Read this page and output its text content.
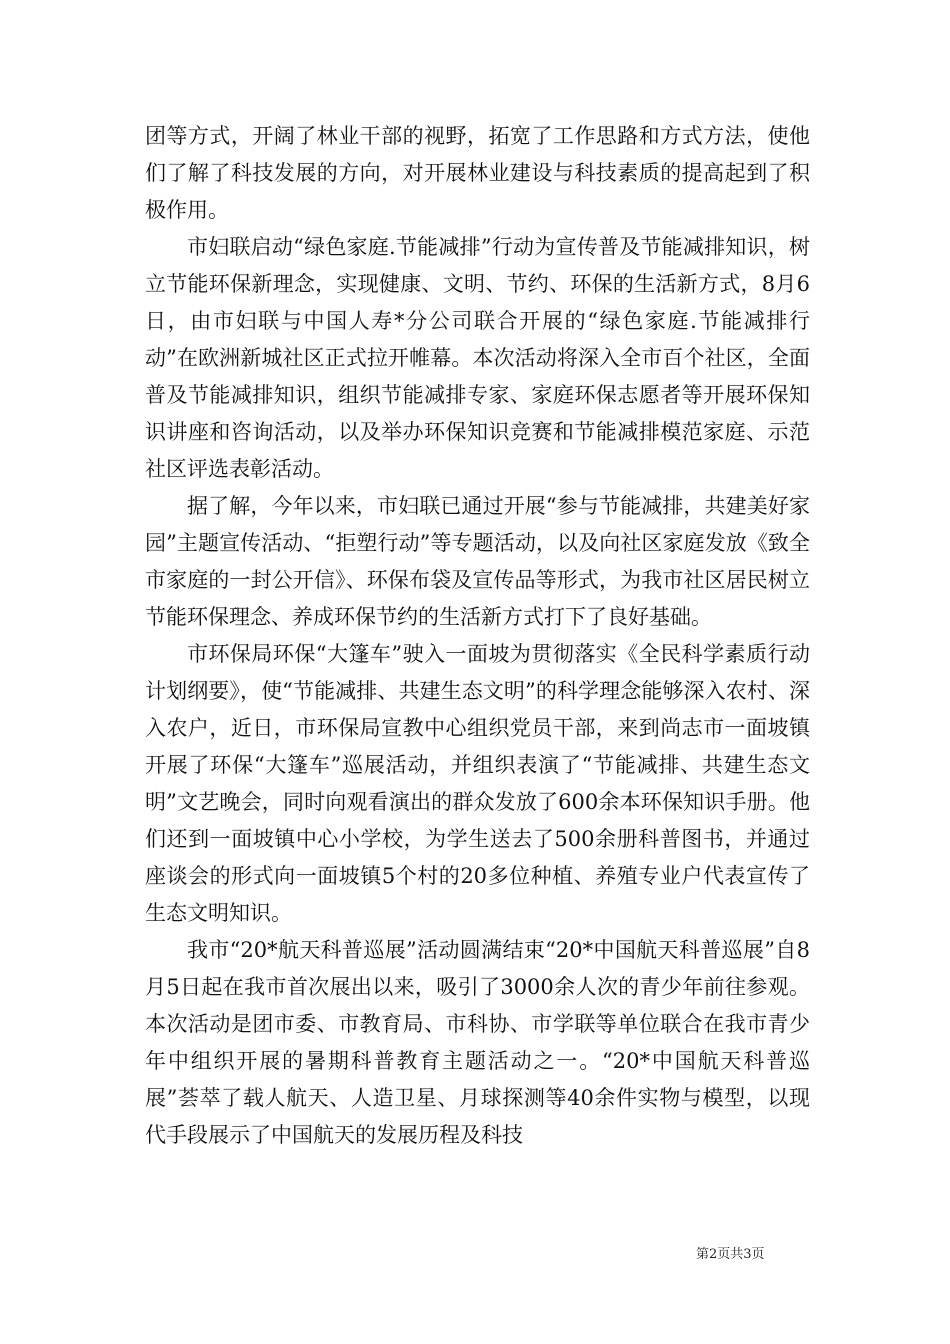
团等方式，开阔了林业干部的视野，拓宽了工作思路和方式方法，使他们了解了科技发展的方向，对开展林业建设与科技素质的提高起到了积极作用。

市妇联启动“绿色家庭.节能减排”行动为宣传普及节能减排知识，树立节能环保新理念，实现健康、文明、节约、环保的生活新方式，8月6日，由市妇联与中国人寿*分公司联合开展的“绿色家庭.节能减排行动”在欧洲新城社区正式拉开帷幕。本次活动将深入全市百个社区，全面普及节能减排知识，组织节能减排专家、家庭环保志愿者等开展环保知识讲座和咨询活动，以及举办环保知识竞赛和节能减排模范家庭、示范社区评选表彰活动。

据了解，今年以来，市妇联已通过开展“参与节能减排，共建美好家园”主题宣传活动、“拒塑行动”等专题活动，以及向社区家庭发放《致全市家庭的一封公开信》、环保布袋及宣传品等形式，为我市社区居民树立节能环保理念、养成环保节约的生活新方式打下了良好基础。

市环保局环保“大篷车”驶入一面坡为贯彻落实《全民科学素质行动计划纲要》，使“节能减排、共建生态文明”的科学理念能够深入农村、深入农户，近日，市环保局宣教中心组织党员干部，来到尚志市一面坡镇开展了环保“大篷车”巡展活动，并组织表演了“节能减排、共建生态文明”文艺晚会，同时向观看演出的群众发放了600余本环保知识手册。他们还到一面坡镇中心小学校，为学生送去了500余册科普图书，并通过座谈会的形式向一面坡镇5个村的20多位种植、养殖专业户代表宣传了生态文明知识。

我市“20*航天科普巡展”活动圆满结束“20*中国航天科普巡展”自8月5日起在我市首次展出以来，吸引了3000余人次的青少年前往参观。本次活动是团市委、市教育局、市科协、市学联等单位联合在我市青少年中组织开展的暑期科普教育主题活动之一。“20*中国航天科普巡展”荟萃了载人航天、人造卫星、月球探测等40余件实物与模型，以现代手段展示了中国航天的发展历程及科技

第2页共3页
